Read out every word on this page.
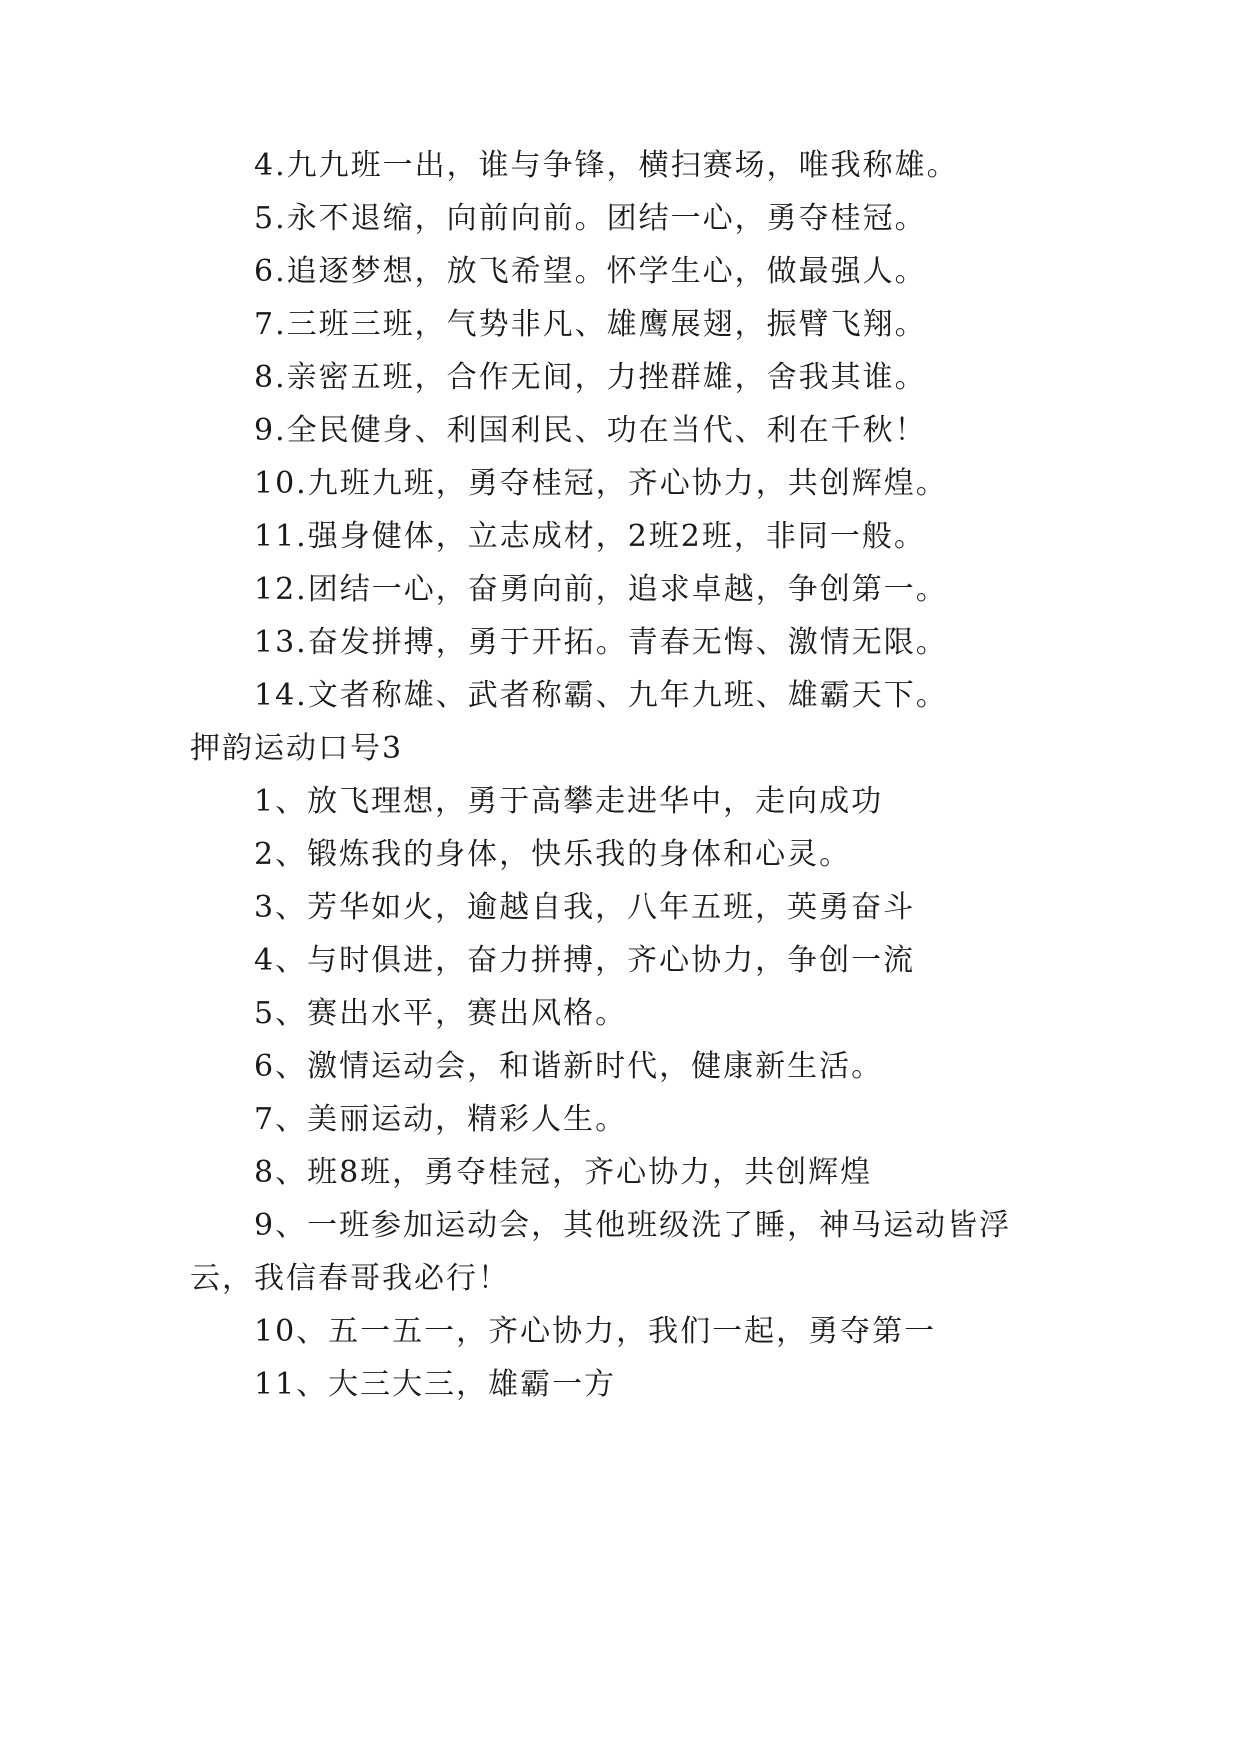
4.九九班一出，谁与争锋，横扫赛场，唯我称雄。

5.永不退缩，向前向前。团结一心，勇夺桂冠。

6.追逐梦想，放飞希望。怀学生心，做最强人。

7.三班三班，气势非凡、雄鹰展翅，振臂飞翔。

8.亲密五班，合作无间，力挫群雄，舍我其谁。

9.全民健身、利国利民、功在当代、利在千秋！

10.九班九班，勇夺桂冠，齐心协力，共创辉煌。

11.强身健体，立志成材，2班2班，非同一般。

12.团结一心，奋勇向前，追求卓越，争创第一。

13.奋发拼搏，勇于开拓。青春无悔、激情无限。

14.文者称雄、武者称霸、九年九班、雄霸天下。

押韵运动口号3

1、放飞理想，勇于高攀走进华中，走向成功

2、锻炼我的身体，快乐我的身体和心灵。

3、芳华如火，逾越自我，八年五班，英勇奋斗

4、与时俱进，奋力拼搏，齐心协力，争创一流

5、赛出水平，赛出风格。

6、激情运动会，和谐新时代，健康新生活。

7、美丽运动，精彩人生。

8、班8班，勇夺桂冠，齐心协力，共创辉煌

9、一班参加运动会，其他班级洗了睡，神马运动皆浮

云，我信春哥我必行！

10、五一五一，齐心协力，我们一起，勇夺第一

11、大三大三，雄霸一方
